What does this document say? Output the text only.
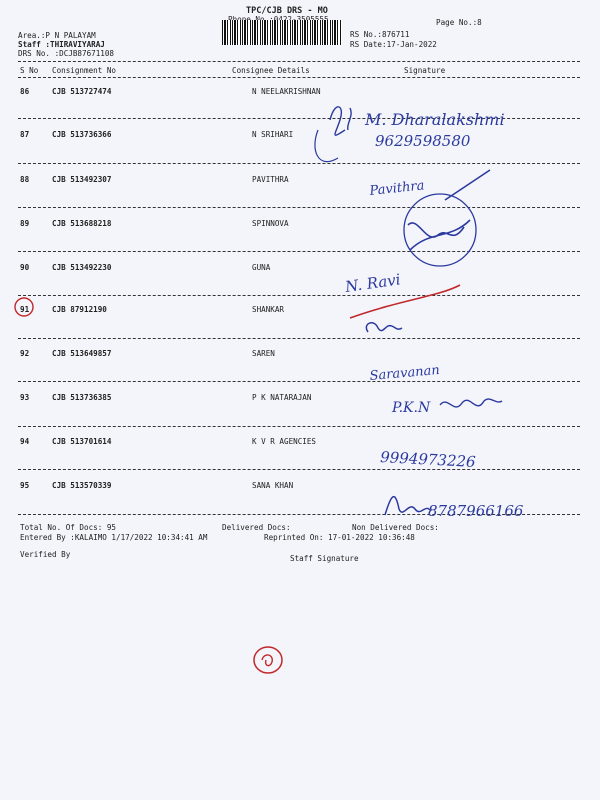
TPC/CJB DRS - MO
Page No.:8
Area.:P N PALAYAM
Staff :THIRAVIYARAJ
DRS No. :DCJB87671108
RS No.:876711
RS Date:17-Jan-2022
S No Consignment No	Consignee Details	Signature
86	CJB 513727474	N NEELAKRISHNAN
87	CJB 513736366	N SRIHARI
88	CJB 513492307	PAVITHRA
89	CJB 513688218	SPINNOVA
90	CJB 513492230	GUNA
91	CJB 87912190	SHANKAR
92	CJB 513649857	SAREN
93	CJB 513736385	P K NATARAJAN
94	CJB 513701614	K V R AGENCIES
95	CJB 513570339	SANA KHAN
Total No. Of Docs: 95	Delivered Docs:	Non Delivered Docs:
Entered By :KALAIMO 1/17/2022 10:34:41 AM	Reprinted On: 17-01-2022 10:36:48
Verified By	Staff Signature
M. Dharalakshmi
9629598580
Pavithra
N. Ravi
Saravanan
P.K.N
9994973226
8787966166
